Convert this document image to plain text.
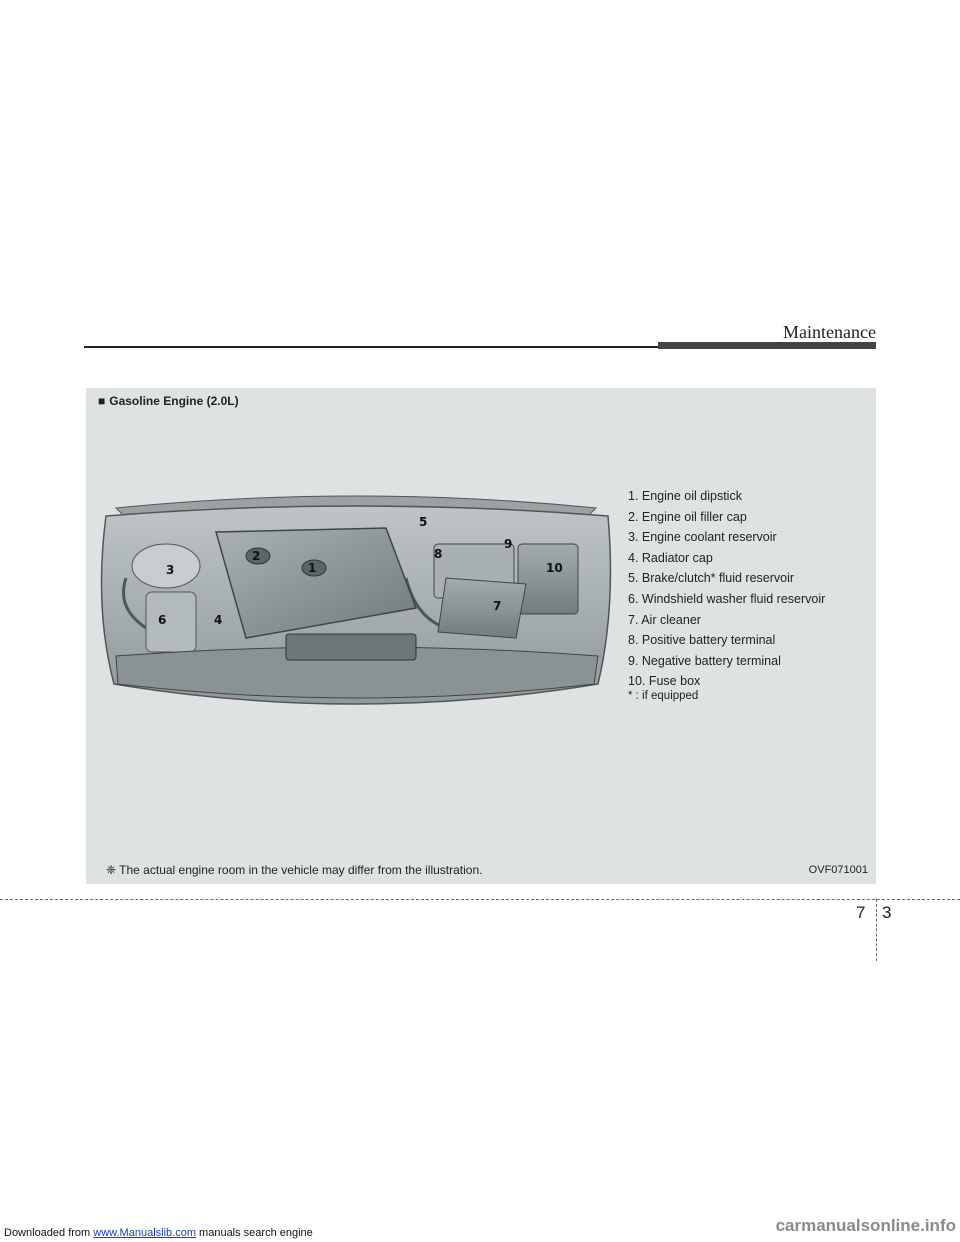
Maintenance
■ Gasoline Engine (2.0L)
1
2
3
4
5
6
7
8
9
10
1. Engine oil dipstick
2. Engine oil filler cap
3. Engine coolant reservoir
4. Radiator cap
5. Brake/clutch* fluid reservoir
6. Windshield washer fluid reservoir
7. Air cleaner
8. Positive battery terminal
9. Negative battery terminal
10. Fuse box
* : if equipped
❈ The actual engine room in the vehicle may differ from the illustration.	OVF071001
7 3
Downloaded from www.Manualslib.com manuals search engine	carmanualsonline.info
